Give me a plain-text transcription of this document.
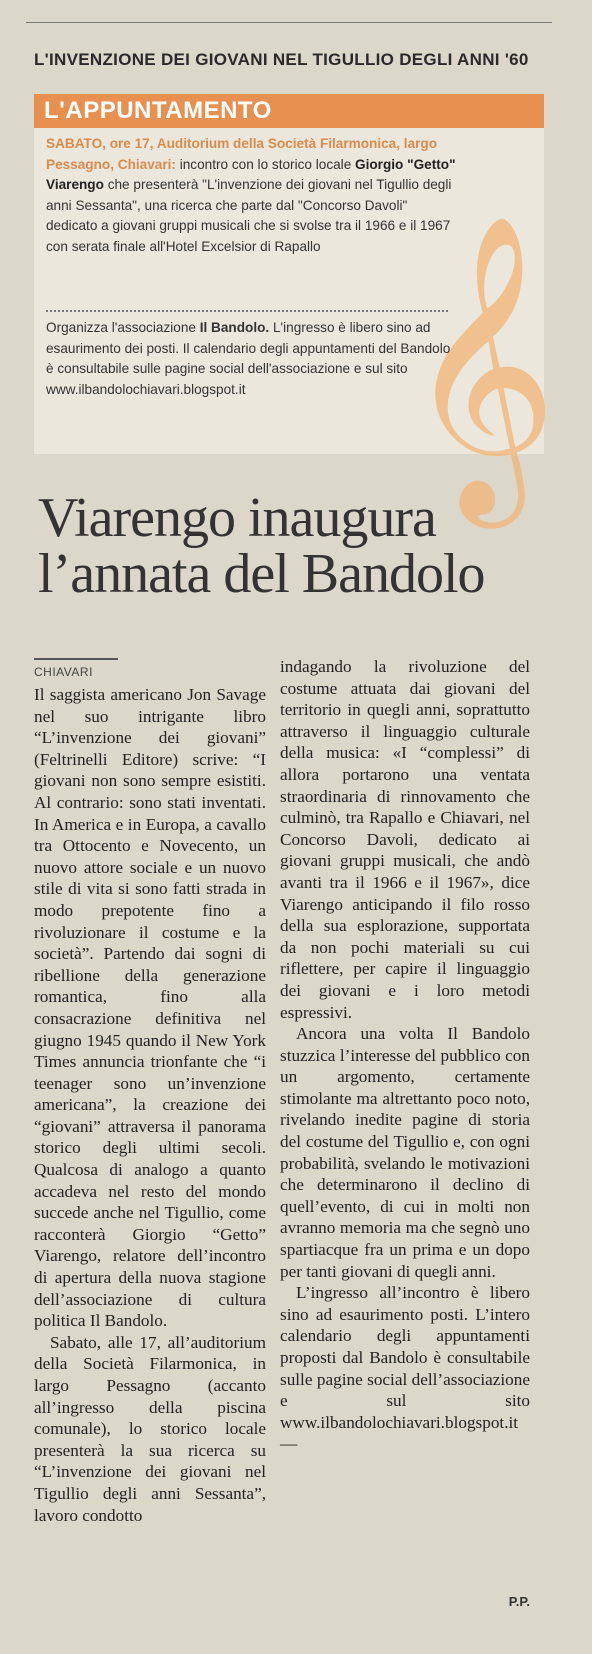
L'INVENZIONE DEI GIOVANI NEL TIGULLIO DEGLI ANNI '60
𝄞
L'APPUNTAMENTO
SABATO, ore 17, Auditorium della Società Filarmonica, largo Pessagno, Chiavari: incontro con lo storico locale Giorgio "Getto" Viarengo che presenterà "L'invenzione dei giovani nel Tigullio degli anni Sessanta", una ricerca che parte dal "Concorso Davoli" dedicato a giovani gruppi musicali che si svolse tra il 1966 e il 1967 con serata finale all'Hotel Excelsior di Rapallo
Organizza l'associazione Il Bandolo. L'ingresso è libero sino ad esaurimento dei posti. Il calendario degli appuntamenti del Bandolo è consultabile sulle pagine social dell'associazione e sul sito www.ilbandolochiavari.blogspot.it
Viarengo inaugura l’annata del Bandolo
CHIAVARI

Il saggista americano Jon Savage nel suo intrigante libro “L’invenzione dei giovani” (Feltrinelli Editore) scrive: “I giovani non sono sempre esistiti. Al contrario: sono stati inventati. In America e in Europa, a cavallo tra Ottocento e Novecento, un nuovo attore sociale e un nuovo stile di vita si sono fatti strada in modo prepotente fino a rivoluzionare il costume e la società”. Partendo dai sogni di ribellione della generazione romantica, fino alla consacrazione definitiva nel giugno 1945 quando il New York Times annuncia trionfante che “i teenager sono un’invenzione americana”, la creazione dei “giovani” attraversa il panorama storico degli ultimi secoli. Qualcosa di analogo a quanto accadeva nel resto del mondo succede anche nel Tigullio, come racconterà Giorgio “Getto” Viarengo, relatore dell’incontro di apertura della nuova stagione dell’associazione di cultura politica Il Bandolo.

Sabato, alle 17, all’auditorium della Società Filarmonica, in largo Pessagno (accanto all’ingresso della piscina comunale), lo storico locale presenterà la sua ricerca su “L’invenzione dei giovani nel Tigullio degli anni Sessanta”, lavoro condotto

indagando la rivoluzione del costume attuata dai giovani del territorio in quegli anni, soprattutto attraverso il linguaggio culturale della musica: «I “complessi” di allora portarono una ventata straordinaria di rinnovamento che culminò, tra Rapallo e Chiavari, nel Concorso Davoli, dedicato ai giovani gruppi musicali, che andò avanti tra il 1966 e il 1967», dice Viarengo anticipando il filo rosso della sua esplorazione, supportata da non pochi materiali su cui riflettere, per capire il linguaggio dei giovani e i loro metodi espressivi.

Ancora una volta Il Bandolo stuzzica l’interesse del pubblico con un argomento, certamente stimolante ma altrettanto poco noto, rivelando inedite pagine di storia del costume del Tigullio e, con ogni probabilità, svelando le motivazioni che determinarono il declino di quell’evento, di cui in molti non avranno memoria ma che segnò uno spartiacque fra un prima e un dopo per tanti giovani di quegli anni.

L’ingresso all’incontro è libero sino ad esaurimento posti. L’intero calendario degli appuntamenti proposti dal Bandolo è consultabile sulle pagine social dell’associazione e sul sito www.ilbandolochiavari.blogspot.it —

P.P.
